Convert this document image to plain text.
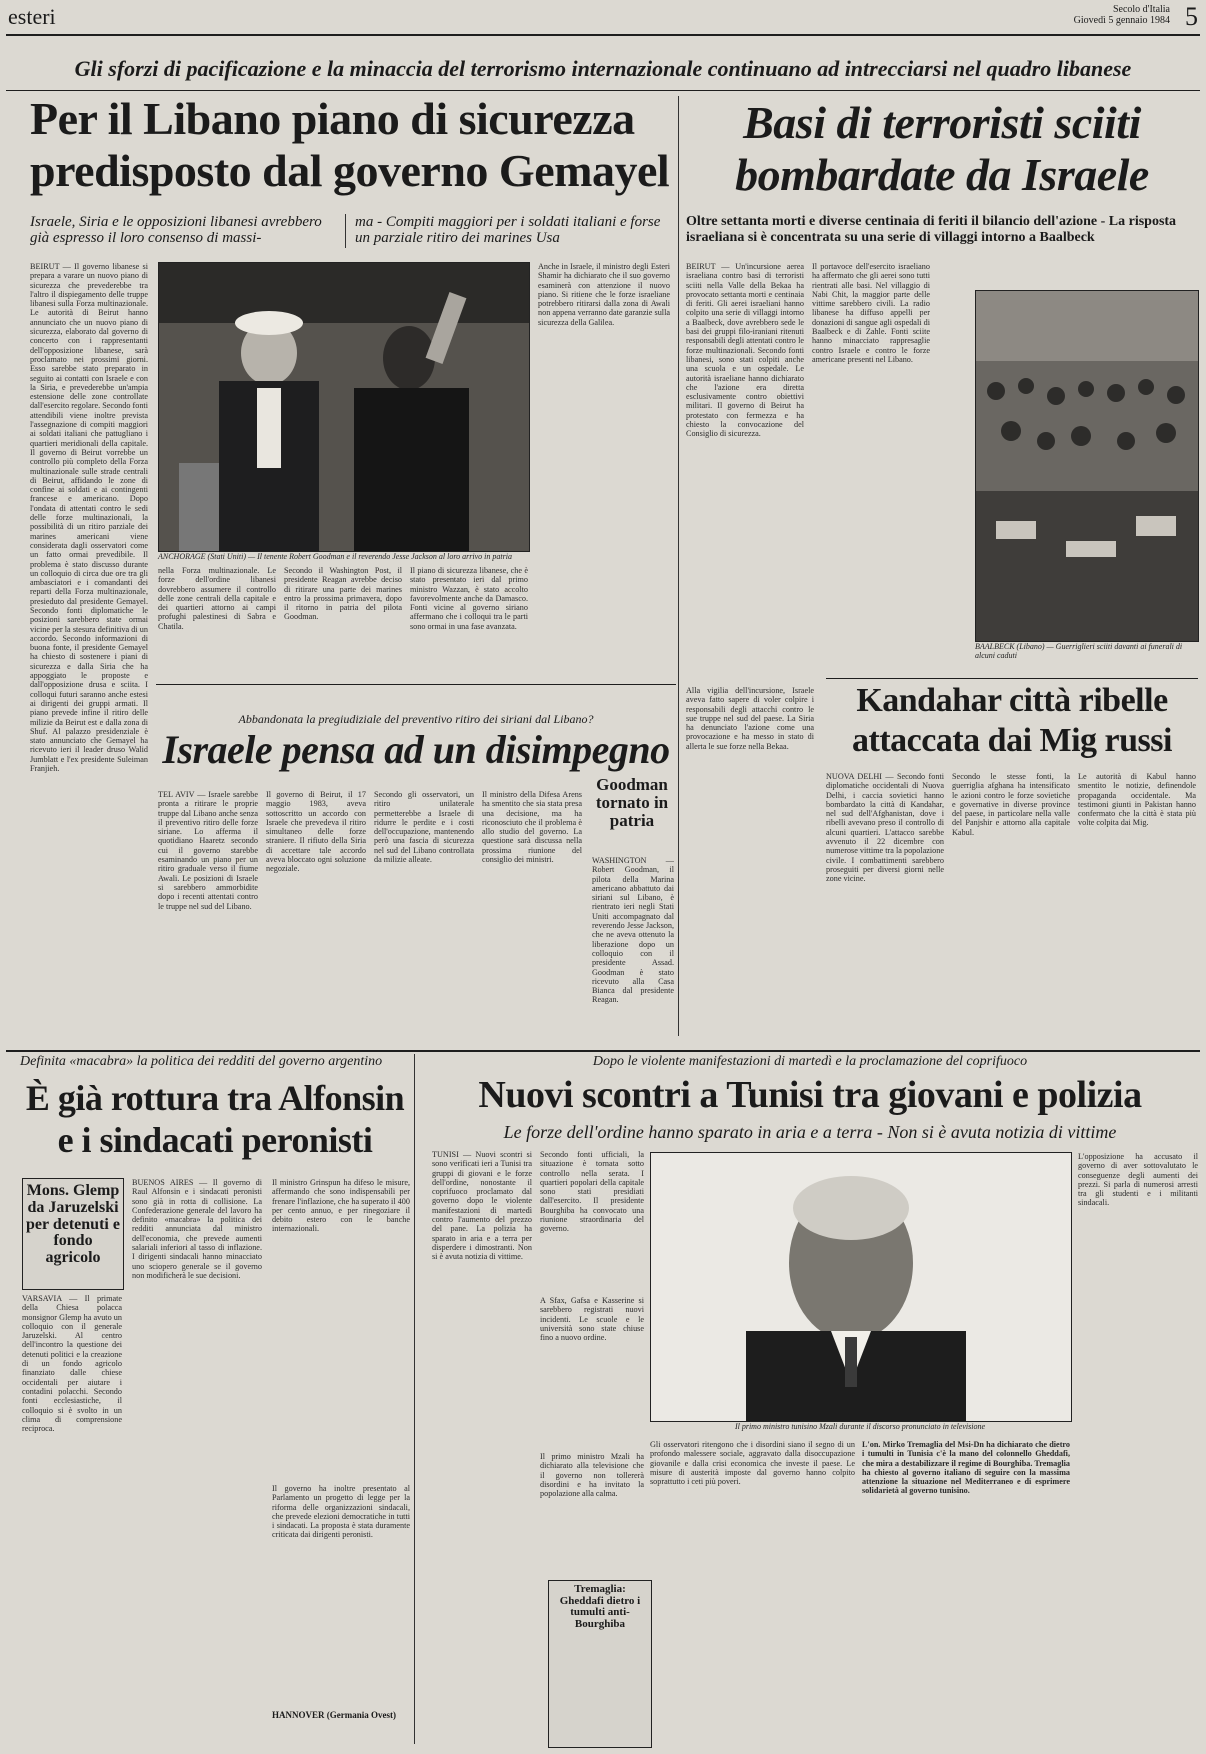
esteri	Secolo d'Italia
Giovedì 5 gennaio 1984 5
Gli sforzi di pacificazione e la minaccia del terrorismo internazionale continuano ad intrecciarsi nel quadro libanese
Per il Libano piano di sicurezza
predisposto dal governo Gemayel
Israele, Siria e le opposizioni libanesi avrebbero già espresso il loro consenso di massi-
ma - Compiti maggiori per i soldati italiani e forse un parziale ritiro dei marines Usa
BEIRUT — Il governo libanese si prepara a varare un nuovo piano di sicurezza che prevederebbe tra l'altro il dispiegamento delle truppe libanesi sulla Forza multinazionale. Le autorità di Beirut hanno annunciato che un nuovo piano di sicurezza, elaborato dal governo di concerto con i rappresentanti dell'opposizione libanese, sarà proclamato nei prossimi giorni. Esso sarebbe stato preparato in seguito ai contatti con Israele e con la Siria, e prevederebbe un'ampia estensione delle zone controllate dall'esercito regolare. Secondo fonti attendibili viene inoltre prevista l'assegnazione di compiti maggiori ai soldati italiani che pattugliano i quartieri meridionali della capitale. Il governo di Beirut vorrebbe un controllo più completo della Forza multinazionale sulle strade centrali di Beirut, affidando le zone di confine ai soldati e ai contingenti francese e americano. Dopo l'ondata di attentati contro le sedi delle forze multinazionali, la possibilità di un ritiro parziale dei marines americani viene considerata dagli osservatori come un fatto ormai prevedibile. Il problema è stato discusso durante un colloquio di circa due ore tra gli ambasciatori e i comandanti dei reparti della Forza multinazionale, presieduto dal presidente Gemayel. Secondo fonti diplomatiche le posizioni sarebbero state ormai vicine per la stesura definitiva di un accordo. Secondo informazioni di buona fonte, il presidente Gemayel ha chiesto di sostenere i piani di sicurezza e dalla Siria che ha appoggiato le proposte e dall'opposizione drusa e sciita. I colloqui futuri saranno anche estesi ai dirigenti dei gruppi armati. Il piano prevede infine il ritiro delle milizie da Beirut est e dalla zona di Shuf. Al palazzo presidenziale è stato annunciato che Gemayel ha ricevuto ieri il leader druso Walid Jumblatt e l'ex presidente Suleiman Franjieh.
ANCHORAGE (Stati Uniti) — Il tenente Robert Goodman e il reverendo Jesse Jackson al loro arrivo in patria
nella Forza multinazionale. Le forze dell'ordine libanesi dovrebbero assumere il controllo delle zone centrali della capitale e dei quartieri attorno ai campi profughi palestinesi di Sabra e Chatila.
Secondo il Washington Post, il presidente Reagan avrebbe deciso di ritirare una parte dei marines entro la prossima primavera, dopo il ritorno in patria del pilota Goodman.
Il piano di sicurezza libanese, che è stato presentato ieri dal primo ministro Wazzan, è stato accolto favorevolmente anche da Damasco. Fonti vicine al governo siriano affermano che i colloqui tra le parti sono ormai in una fase avanzata.
Anche in Israele, il ministro degli Esteri Shamir ha dichiarato che il suo governo esaminerà con attenzione il nuovo piano. Si ritiene che le forze israeliane potrebbero ritirarsi dalla zona di Awali non appena verranno date garanzie sulla sicurezza della Galilea.
Basi di terroristi sciiti
bombardate da Israele
Oltre settanta morti e diverse centinaia di feriti il bilancio dell'azione - La risposta israeliana si è concentrata su una serie di villaggi intorno a Baalbeck
BEIRUT — Un'incursione aerea israeliana contro basi di terroristi sciiti nella Valle della Bekaa ha provocato settanta morti e centinaia di feriti. Gli aerei israeliani hanno colpito una serie di villaggi intorno a Baalbeck, dove avrebbero sede le basi dei gruppi filo-iraniani ritenuti responsabili degli attentati contro le forze multinazionali. Secondo fonti libanesi, sono stati colpiti anche una scuola e un ospedale. Le autorità israeliane hanno dichiarato che l'azione era diretta esclusivamente contro obiettivi militari. Il governo di Beirut ha protestato con fermezza e ha chiesto la convocazione del Consiglio di sicurezza.
Il portavoce dell'esercito israeliano ha affermato che gli aerei sono tutti rientrati alle basi. Nel villaggio di Nabi Chit, la maggior parte delle vittime sarebbero civili. La radio libanese ha diffuso appelli per donazioni di sangue agli ospedali di Baalbeck e di Zahle. Fonti sciite hanno minacciato rappresaglie contro Israele e contro le forze americane presenti nel Libano.
BAALBECK (Libano) — Guerriglieri sciiti davanti ai funerali di alcuni caduti
Abbandonata la pregiudiziale del preventivo ritiro dei siriani dal Libano?
Israele pensa ad un disimpegno
TEL AVIV — Israele sarebbe pronta a ritirare le proprie truppe dal Libano anche senza il preventivo ritiro delle forze siriane. Lo afferma il quotidiano Haaretz secondo cui il governo starebbe esaminando un piano per un ritiro graduale verso il fiume Awali. Le posizioni di Israele si sarebbero ammorbidite dopo i recenti attentati contro le truppe nel sud del Libano.
Il governo di Beirut, il 17 maggio 1983, aveva sottoscritto un accordo con Israele che prevedeva il ritiro simultaneo delle forze straniere. Il rifiuto della Siria di accettare tale accordo aveva bloccato ogni soluzione negoziale.
Secondo gli osservatori, un ritiro unilaterale permetterebbe a Israele di ridurre le perdite e i costi dell'occupazione, mantenendo però una fascia di sicurezza nel sud del Libano controllata da milizie alleate.
Il ministro della Difesa Arens ha smentito che sia stata presa una decisione, ma ha riconosciuto che il problema è allo studio del governo. La questione sarà discussa nella prossima riunione del consiglio dei ministri.
Goodman tornato in patria
WASHINGTON — Robert Goodman, il pilota della Marina americano abbattuto dai siriani sul Libano, è rientrato ieri negli Stati Uniti accompagnato dal reverendo Jesse Jackson, che ne aveva ottenuto la liberazione dopo un colloquio con il presidente Assad. Goodman è stato ricevuto alla Casa Bianca dal presidente Reagan.
Kandahar città ribelle
attaccata dai Mig russi
NUOVA DELHI — Secondo fonti diplomatiche occidentali di Nuova Delhi, i caccia sovietici hanno bombardato la città di Kandahar, nel sud dell'Afghanistan, dove i ribelli avevano preso il controllo di alcuni quartieri. L'attacco sarebbe avvenuto il 22 dicembre con numerose vittime tra la popolazione civile. I combattimenti sarebbero proseguiti per diversi giorni nelle zone vicine.
Secondo le stesse fonti, la guerriglia afghana ha intensificato le azioni contro le forze sovietiche e governative in diverse province del paese, in particolare nella valle del Panjshir e attorno alla capitale Kabul.
Le autorità di Kabul hanno smentito le notizie, definendole propaganda occidentale. Ma testimoni giunti in Pakistan hanno confermato che la città è stata più volte colpita dai Mig.
Alla vigilia dell'incursione, Israele aveva fatto sapere di voler colpire i responsabili degli attacchi contro le sue truppe nel sud del paese. La Siria ha denunciato l'azione come una provocazione e ha messo in stato di allerta le sue forze nella Bekaa.
Definita «macabra» la politica dei redditi del governo argentino
È già rottura tra Alfonsin
e i sindacati peronisti
Mons. Glemp da Jaruzelski per detenuti e fondo agricolo
VARSAVIA — Il primate della Chiesa polacca monsignor Glemp ha avuto un colloquio con il generale Jaruzelski. Al centro dell'incontro la questione dei detenuti politici e la creazione di un fondo agricolo finanziato dalle chiese occidentali per aiutare i contadini polacchi. Secondo fonti ecclesiastiche, il colloquio si è svolto in un clima di comprensione reciproca.
BUENOS AIRES — Il governo di Raul Alfonsin e i sindacati peronisti sono già in rotta di collisione. La Confederazione generale del lavoro ha definito «macabra» la politica dei redditi annunciata dal ministro dell'economia, che prevede aumenti salariali inferiori al tasso di inflazione. I dirigenti sindacali hanno minacciato uno sciopero generale se il governo non modificherà le sue decisioni.
Il ministro Grinspun ha difeso le misure, affermando che sono indispensabili per frenare l'inflazione, che ha superato il 400 per cento annuo, e per rinegoziare il debito estero con le banche internazionali.
Il governo ha inoltre presentato al Parlamento un progetto di legge per la riforma delle organizzazioni sindacali, che prevede elezioni democratiche in tutti i sindacati. La proposta è stata duramente criticata dai dirigenti peronisti.
HANNOVER (Germania Ovest)
Dopo le violente manifestazioni di martedì e la proclamazione del coprifuoco
Nuovi scontri a Tunisi tra giovani e polizia
Le forze dell'ordine hanno sparato in aria e a terra - Non si è avuta notizia di vittime
TUNISI — Nuovi scontri si sono verificati ieri a Tunisi tra gruppi di giovani e le forze dell'ordine, nonostante il coprifuoco proclamato dal governo dopo le violente manifestazioni di martedì contro l'aumento del prezzo del pane. La polizia ha sparato in aria e a terra per disperdere i dimostranti. Non si è avuta notizia di vittime.
Secondo fonti ufficiali, la situazione è tornata sotto controllo nella serata. I quartieri popolari della capitale sono stati presidiati dall'esercito. Il presidente Bourghiba ha convocato una riunione straordinaria del governo.
A Sfax, Gafsa e Kasserine si sarebbero registrati nuovi incidenti. Le scuole e le università sono state chiuse fino a nuovo ordine.
Il primo ministro Mzali ha dichiarato alla televisione che il governo non tollererà disordini e ha invitato la popolazione alla calma.
Il primo ministro tunisino Mzali durante il discorso pronunciato in televisione
L'opposizione ha accusato il governo di aver sottovalutato le conseguenze degli aumenti dei prezzi. Si parla di numerosi arresti tra gli studenti e i militanti sindacali.
Gli osservatori ritengono che i disordini siano il segno di un profondo malessere sociale, aggravato dalla disoccupazione giovanile e dalla crisi economica che investe il paese. Le misure di austerità imposte dal governo hanno colpito soprattutto i ceti più poveri.
Tremaglia: Gheddafi dietro i tumulti anti-Bourghiba
L'on. Mirko Tremaglia del Msi-Dn ha dichiarato che dietro i tumulti in Tunisia c'è la mano del colonnello Gheddafi, che mira a destabilizzare il regime di Bourghiba. Tremaglia ha chiesto al governo italiano di seguire con la massima attenzione la situazione nel Mediterraneo e di esprimere solidarietà al governo tunisino.
